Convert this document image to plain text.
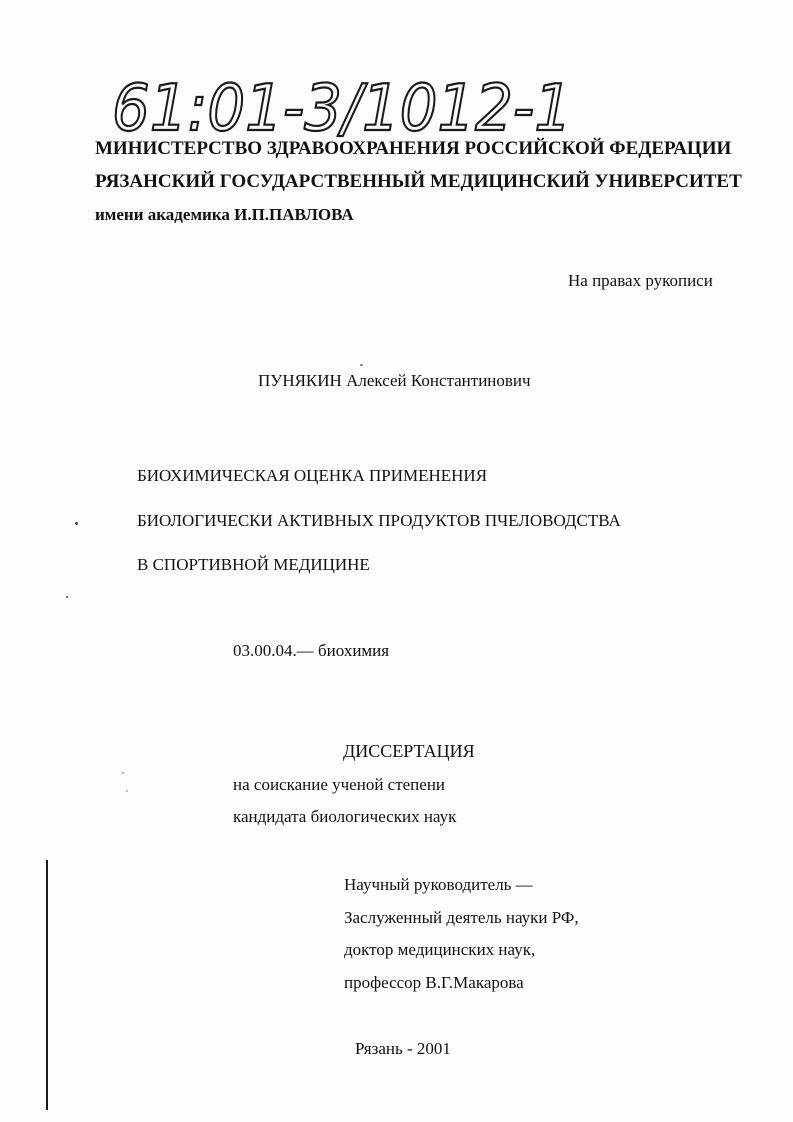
61:01-3/1012-1
МИНИСТЕРСТВО ЗДРАВООХРАНЕНИЯ РОССИЙСКОЙ ФЕДЕРАЦИИ
РЯЗАНСКИЙ ГОСУДАРСТВЕННЫЙ МЕДИЦИНСКИЙ УНИВЕРСИТЕТ
имени академика И.П.ПАВЛОВА
На правах рукописи
ПУНЯКИН Алексей Константинович
БИОХИМИЧЕСКАЯ ОЦЕНКА ПРИМЕНЕНИЯ
БИОЛОГИЧЕСКИ АКТИВНЫХ ПРОДУКТОВ ПЧЕЛОВОДСТВА
В СПОРТИВНОЙ МЕДИЦИНЕ
03.00.04.— биохимия
ДИССЕРТАЦИЯ
на соискание ученой степени
кандидата биологических наук
Научный руководитель —
Заслуженный деятель науки РФ,
доктор медицинских наук,
профессор В.Г.Макарова
Рязань - 2001
